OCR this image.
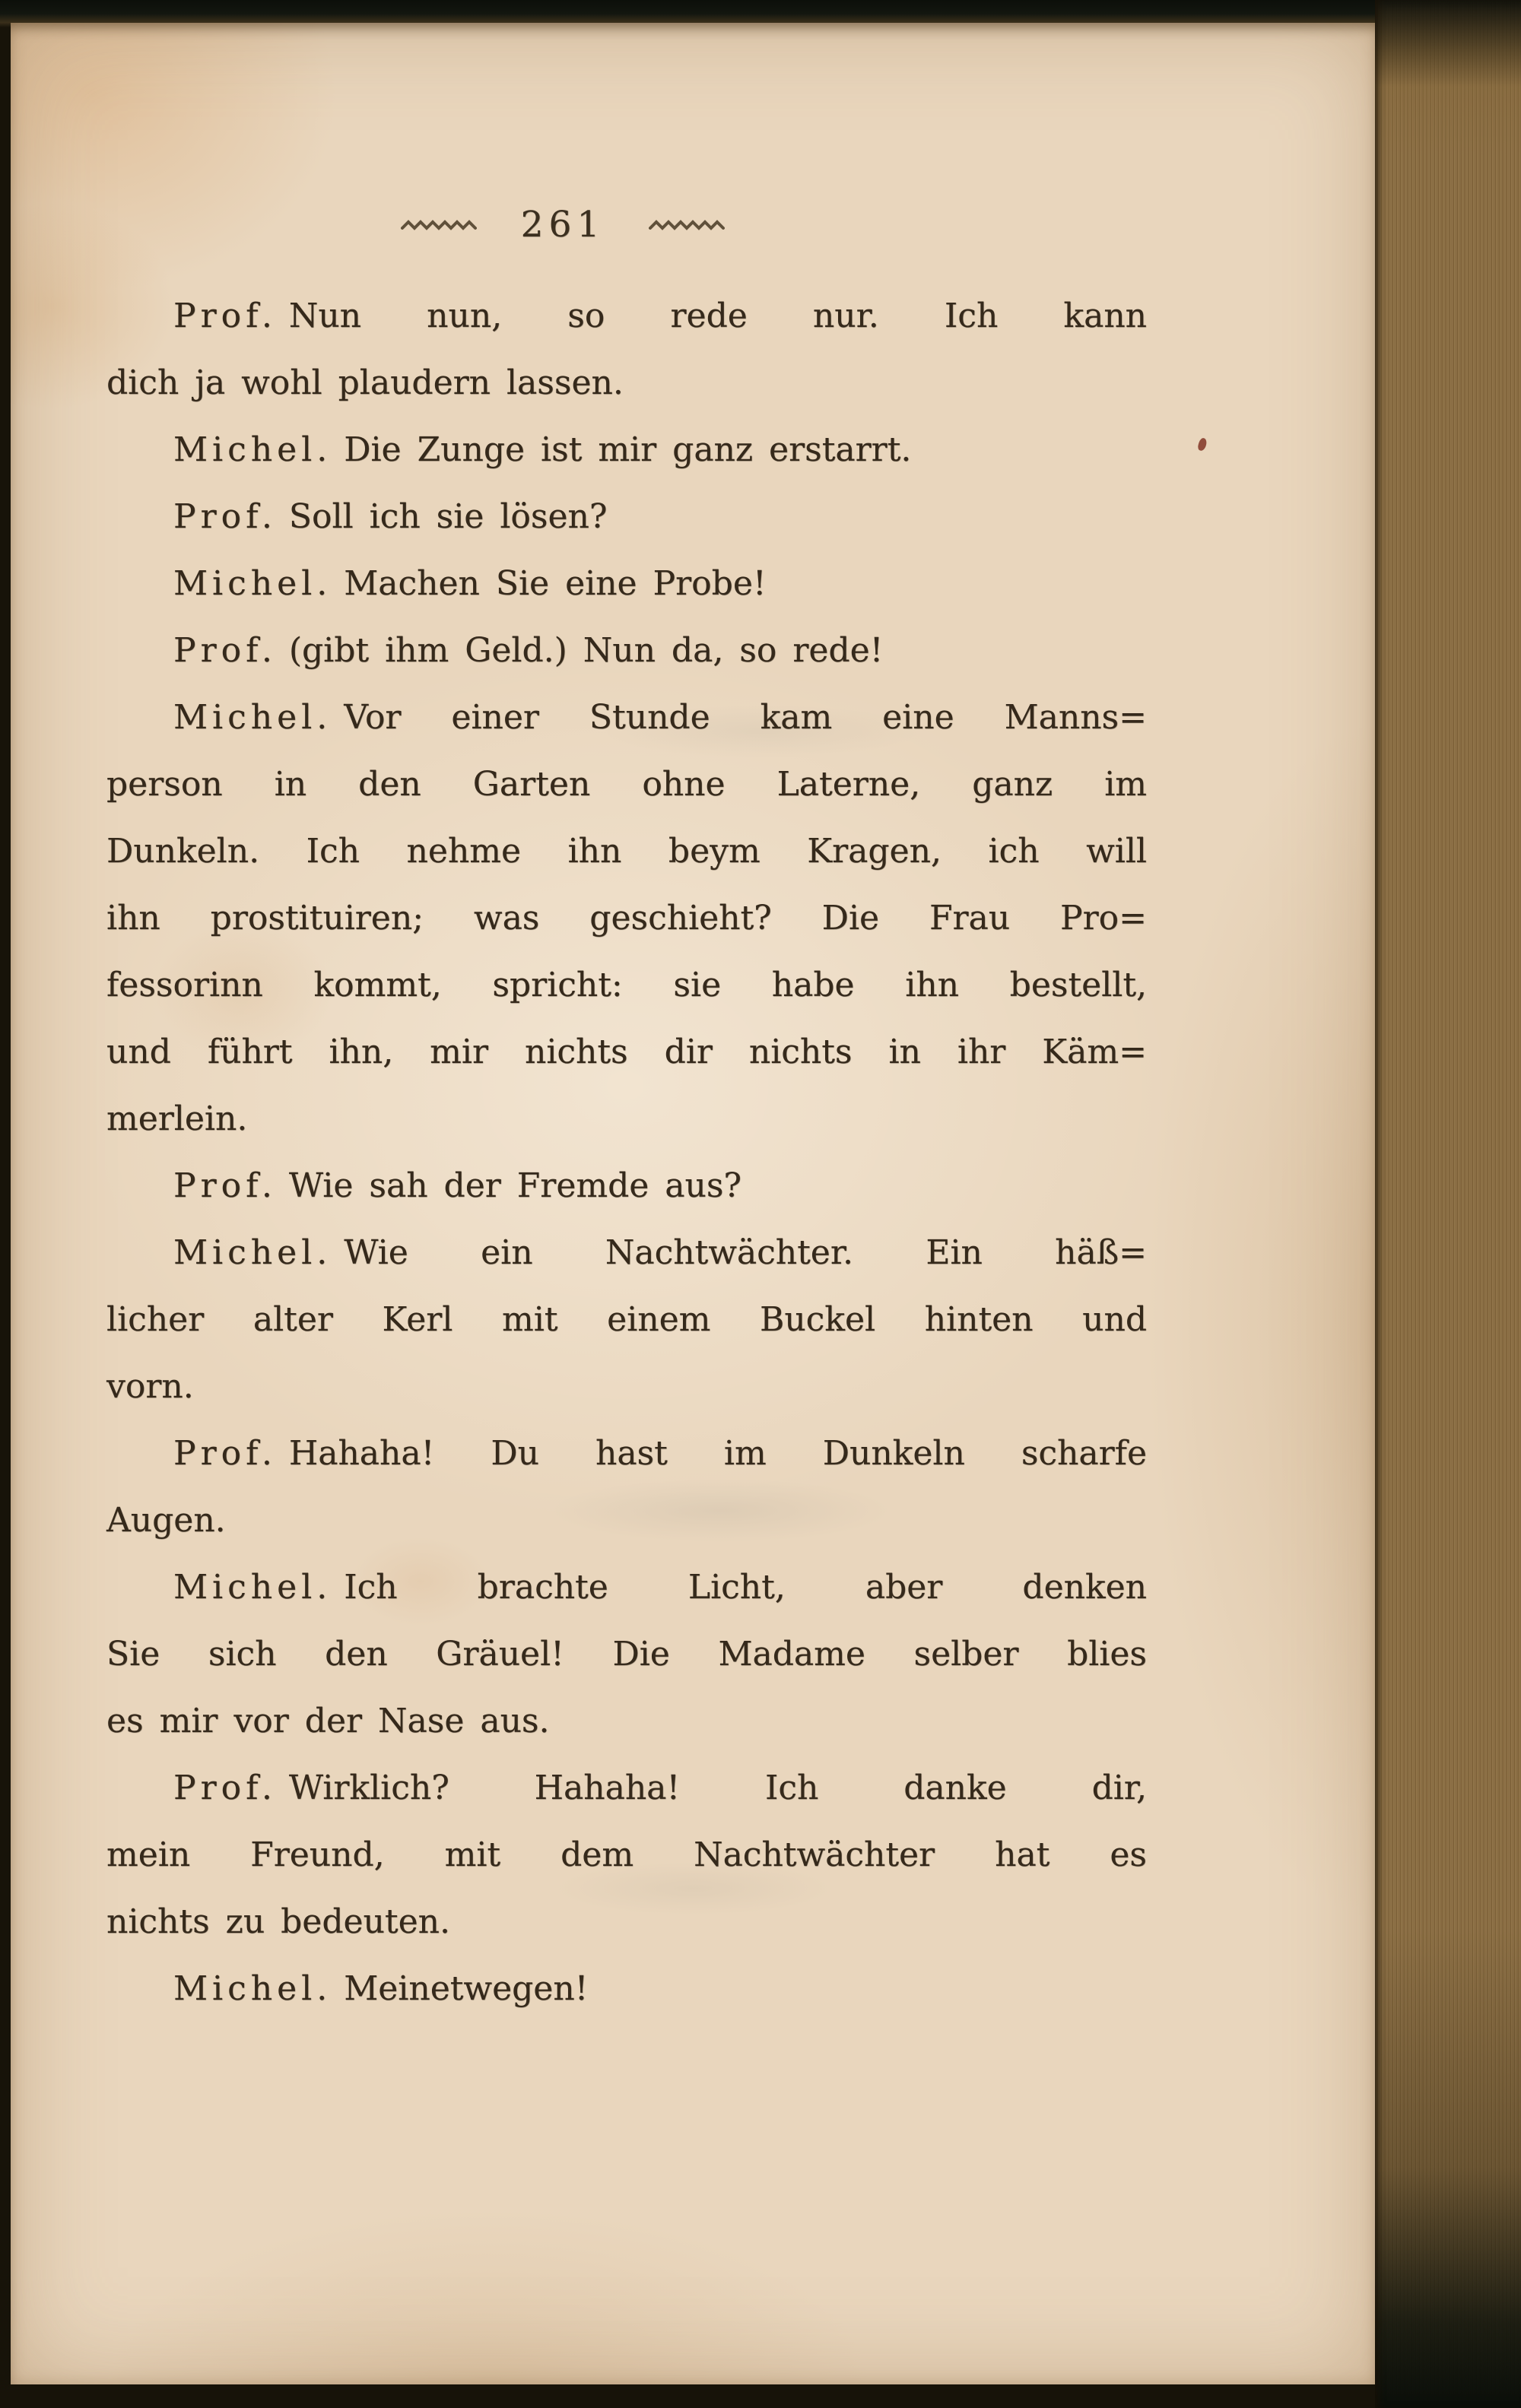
261
Prof. Nun nun, so rede nur. Ich kann
dich ja wohl plaudern lassen.
Michel. Die Zunge ist mir ganz erstarrt.
Prof. Soll ich sie lösen?
Michel. Machen Sie eine Probe!
Prof. (gibt ihm Geld.) Nun da, so rede!
Michel. Vor einer Stunde kam eine Manns=
person in den Garten ohne Laterne, ganz im
Dunkeln. Ich nehme ihn beym Kragen, ich will
ihn prostituiren; was geschieht? Die Frau Pro=
fessorinn kommt, spricht: sie habe ihn bestellt,
und führt ihn, mir nichts dir nichts in ihr Käm=
merlein.
Prof. Wie sah der Fremde aus?
Michel. Wie ein Nachtwächter. Ein häß=
licher alter Kerl mit einem Buckel hinten und
vorn.
Prof. Hahaha! Du hast im Dunkeln scharfe
Augen.
Michel. Ich brachte Licht, aber denken
Sie sich den Gräuel! Die Madame selber blies
es mir vor der Nase aus.
Prof. Wirklich? Hahaha! Ich danke dir,
mein Freund, mit dem Nachtwächter hat es
nichts zu bedeuten.
Michel. Meinetwegen!
